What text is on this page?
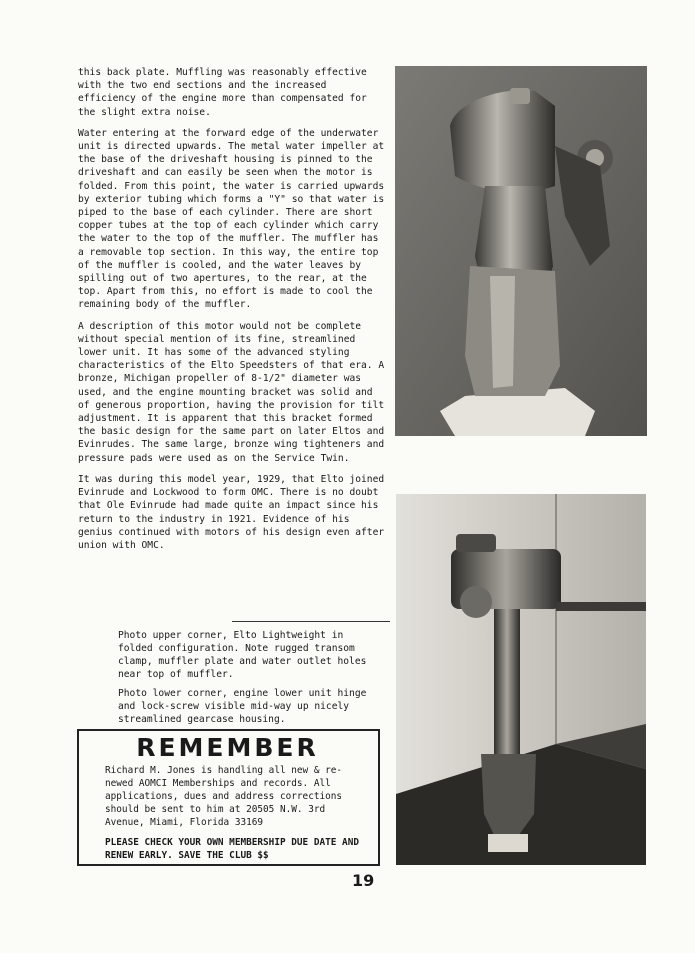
this back plate. Muffling was reasonably effective with the two end sections and the increased efficiency of the engine more than compensated for the slight extra noise.

Water entering at the forward edge of the underwater unit is directed upwards. The metal water impeller at the base of the driveshaft housing is pinned to the driveshaft and can easily be seen when the motor is folded. From this point, the water is carried upwards by exterior tubing which forms a "Y" so that water is piped to the base of each cylinder. There are short copper tubes at the top of each cylinder which carry the water to the top of the muffler. The muffler has a removable top section. In this way, the entire top of the muffler is cooled, and the water leaves by spilling out of two apertures, to the rear, at the top. Apart from this, no effort is made to cool the remaining body of the muffler.

A description of this motor would not be complete without special mention of its fine, streamlined lower unit. It has some of the advanced styling characteristics of the Elto Speedsters of that era. A bronze, Michigan propeller of 8-1/2" diameter was used, and the engine mounting bracket was solid and of generous proportion, having the provision for tilt adjustment. It is apparent that this bracket formed the basic design for the same part on later Eltos and Evinrudes. The same large, bronze wing tighteners and pressure pads were used as on the Service Twin.

It was during this model year, 1929, that Elto joined Evinrude and Lockwood to form OMC. There is no doubt that Ole Evinrude had made quite an impact since his return to the industry in 1921. Evidence of his genius continued with motors of his design even after union with OMC.

Photo upper corner, Elto Lightweight in folded configuration. Note rugged transom clamp, muffler plate and water outlet holes near top of muffler.

Photo lower corner, engine lower unit hinge and lock-screw visible mid-way up nicely streamlined gearcase housing.

REMEMBER
Richard M. Jones is handling all new & re-newed AOMCI Memberships and records. All applications, dues and address corrections should be sent to him at 20505 N.W. 3rd Avenue, Miami, Florida 33169
PLEASE CHECK YOUR OWN MEMBERSHIP DUE DATE AND RENEW EARLY. SAVE THE CLUB $$
19
